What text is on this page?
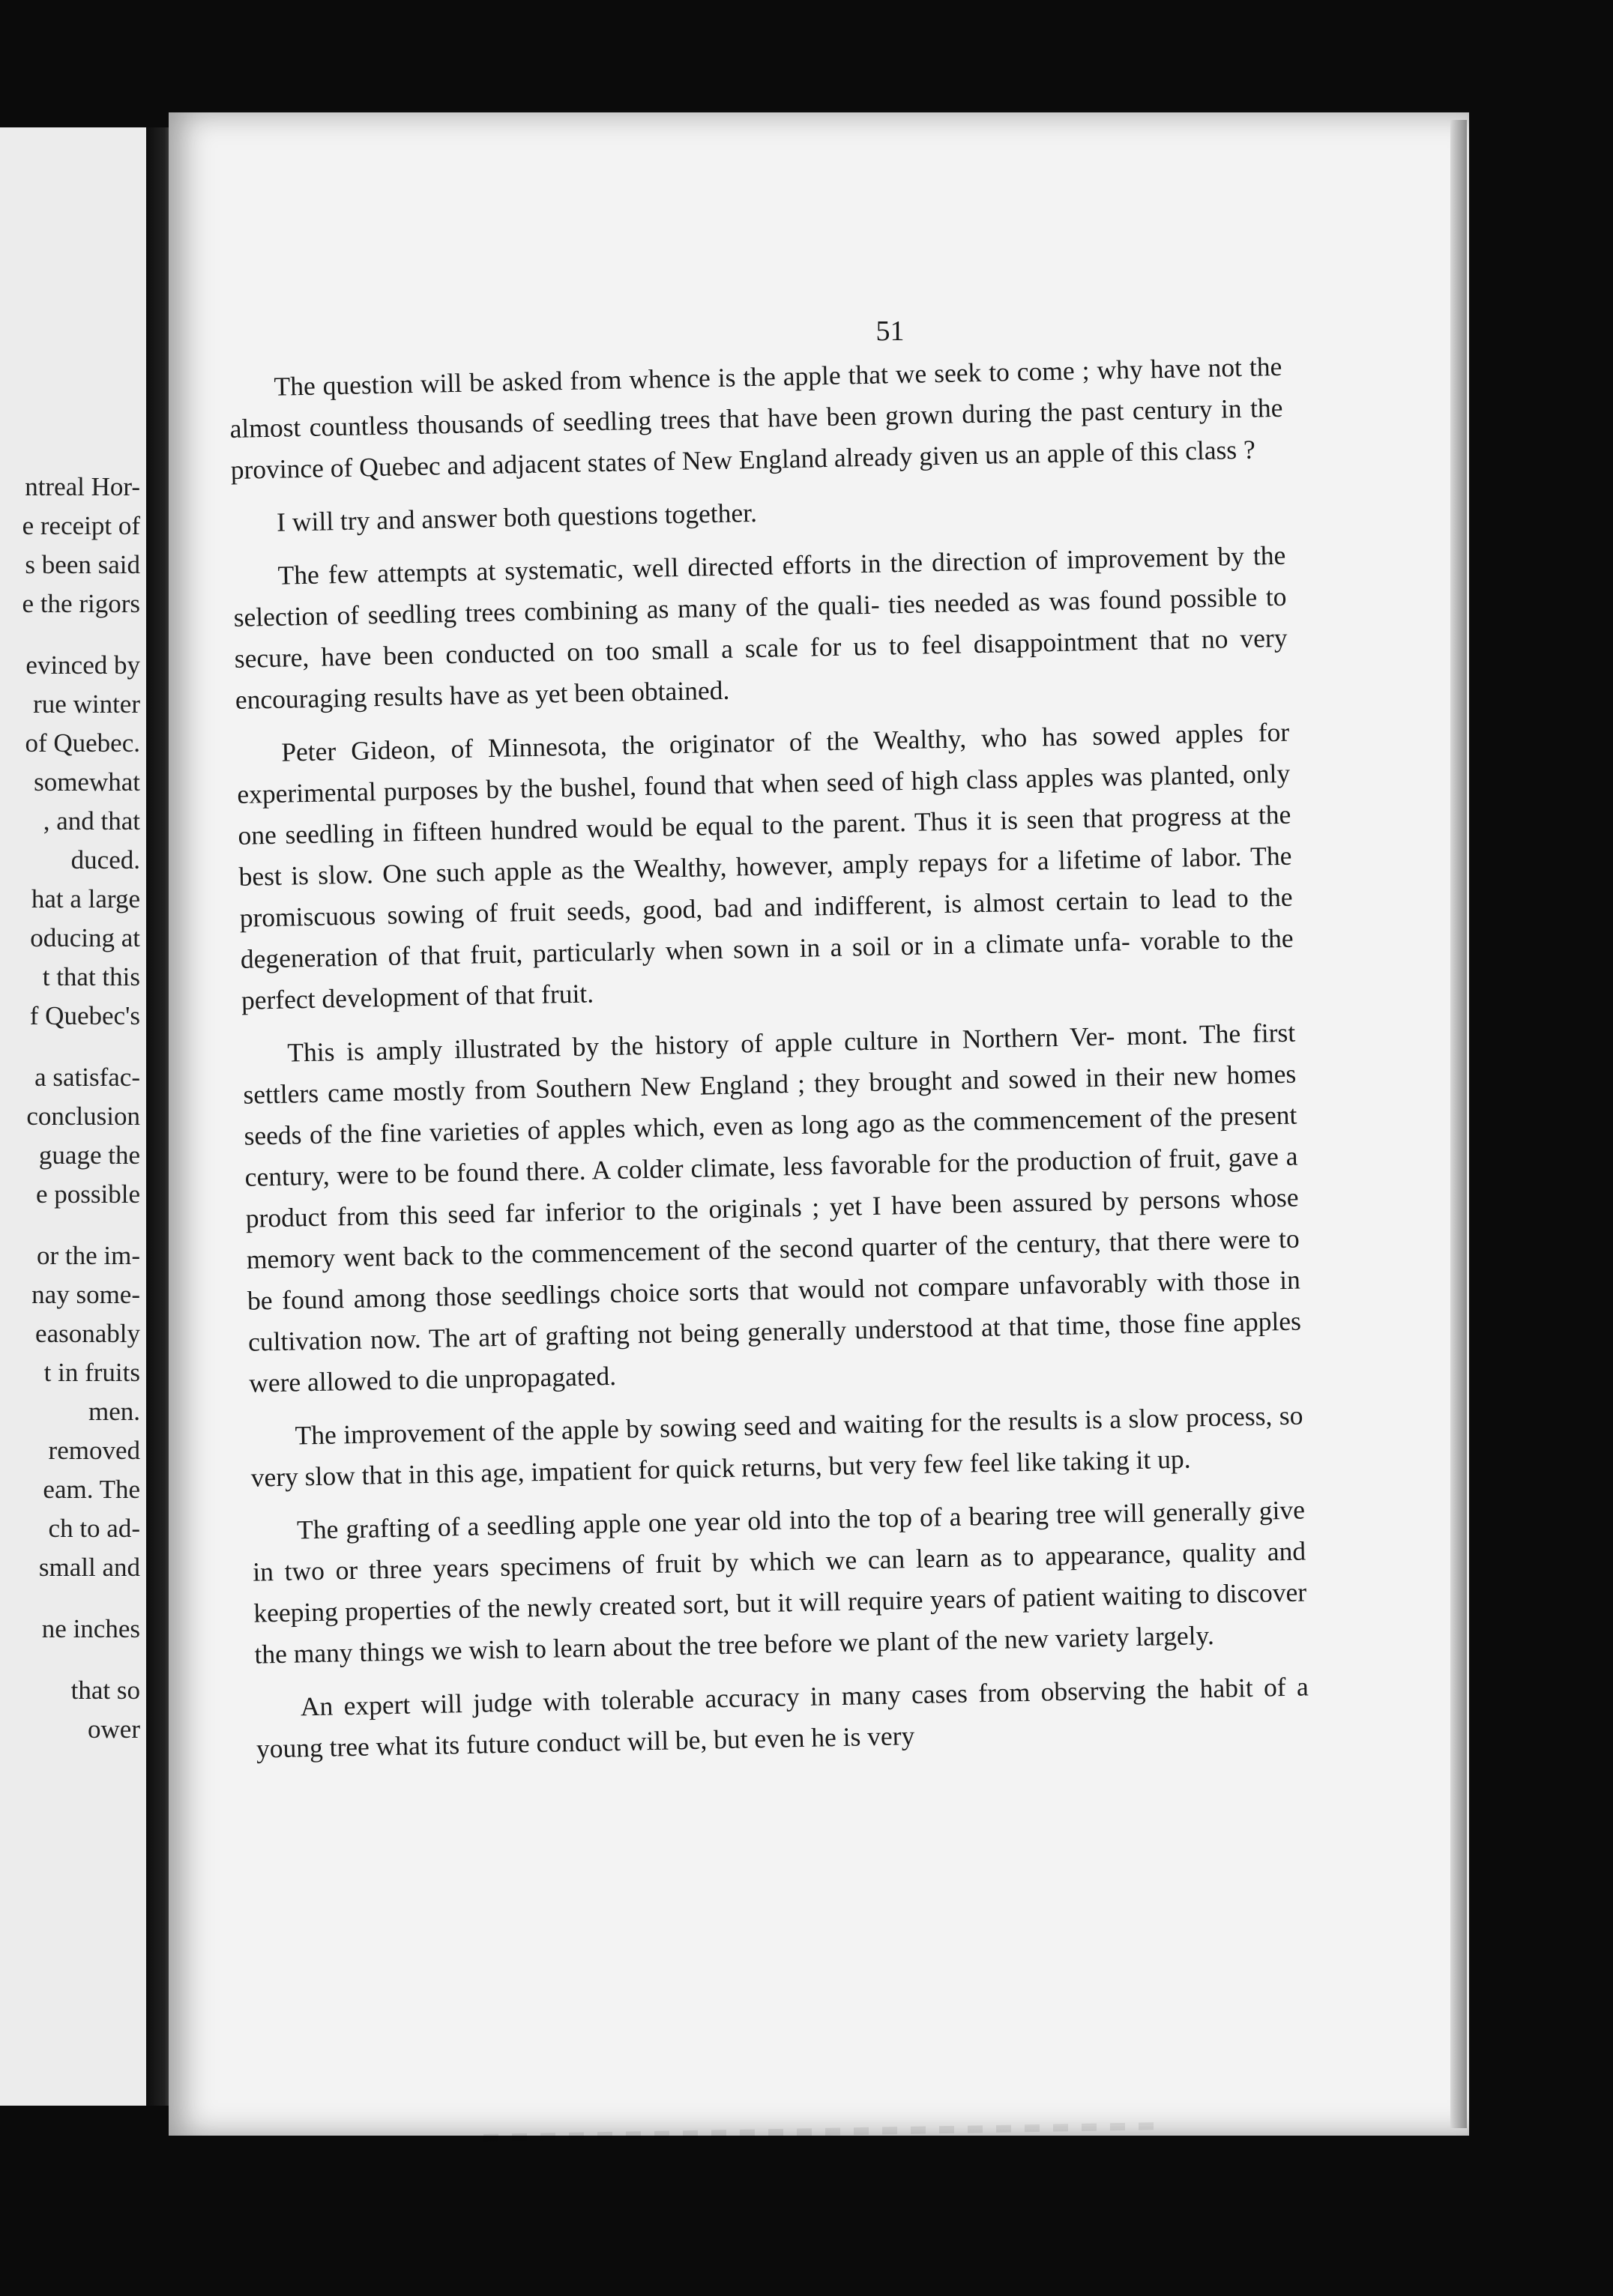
ntreal Hor-
e receipt of
s been said
e the rigors
evinced by
rue winter
of Quebec.
somewhat
, and that
duced.
hat a large
oducing at
t that this
f Quebec's
a satisfac-
conclusion
guage the
e possible
or the im-
nay some-
easonably
t in fruits
men.
removed
eam. The
ch to ad-
small and
ne inches
that so
ower
51

The question will be asked from whence is the apple that we seek to come ; why have not the almost countless thousands of seedling trees that have been grown during the past century in the province of Quebec and adjacent states of New England already given us an apple of this class ?

I will try and answer both questions together.

The few attempts at systematic, well directed efforts in the direction of improvement by the selection of seedling trees combining as many of the quali- ties needed as was found possible to secure, have been conducted on too small a scale for us to feel disappointment that no very encouraging results have as yet been obtained.

Peter Gideon, of Minnesota, the originator of the Wealthy, who has sowed apples for experimental purposes by the bushel, found that when seed of high class apples was planted, only one seedling in fifteen hundred would be equal to the parent. Thus it is seen that progress at the best is slow. One such apple as the Wealthy, however, amply repays for a lifetime of labor. The promiscuous sowing of fruit seeds, good, bad and indifferent, is almost certain to lead to the degeneration of that fruit, particularly when sown in a soil or in a climate unfa- vorable to the perfect development of that fruit.

This is amply illustrated by the history of apple culture in Northern Ver- mont. The first settlers came mostly from Southern New England ; they brought and sowed in their new homes seeds of the fine varieties of apples which, even as long ago as the commencement of the present century, were to be found there. A colder climate, less favorable for the production of fruit, gave a product from this seed far inferior to the originals ; yet I have been assured by persons whose memory went back to the commencement of the second quarter of the century, that there were to be found among those seedlings choice sorts that would not compare unfavorably with those in cultivation now. The art of grafting not being generally understood at that time, those fine apples were allowed to die unpropagated.

The improvement of the apple by sowing seed and waiting for the results is a slow process, so very slow that in this age, impatient for quick returns, but very few feel like taking it up.

The grafting of a seedling apple one year old into the top of a bearing tree will generally give in two or three years specimens of fruit by which we can learn as to appearance, quality and keeping properties of the newly created sort, but it will require years of patient waiting to discover the many things we wish to learn about the tree before we plant of the new variety largely.

An expert will judge with tolerable accuracy in many cases from observing the habit of a young tree what its future conduct will be, but even he is very
